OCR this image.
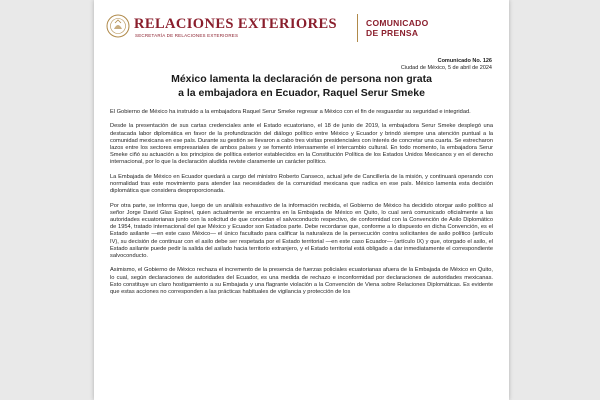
RELACIONES EXTERIORES
SECRETARÍA DE RELACIONES EXTERIORES
COMUNICADO
DE PRENSA
Comunicado No. 126
Ciudad de México, 5 de abril de 2024
México lamenta la declaración de persona non grata
a la embajadora en Ecuador, Raquel Serur Smeke

El Gobierno de México ha instruido a la embajadora Raquel Serur Smeke regresar a México con el fin de resguardar su seguridad e integridad.

Desde la presentación de sus cartas credenciales ante el Estado ecuatoriano, el 18 de junio de 2019, la embajadora Serur Smeke desplegó una destacada labor diplomática en favor de la profundización del diálogo político entre México y Ecuador y brindó siempre una atención puntual a la comunidad mexicana en ese país. Durante su gestión se llevaron a cabo tres visitas presidenciales con interés de concretar una cuarta. Se estrecharon lazos entre los sectores empresariales de ambos países y se fomentó intensamente el intercambio cultural. En todo momento, la embajadora Serur Smeke ciñó su actuación a los principios de política exterior establecidos en la Constitución Política de los Estados Unidos Mexicanos y en el derecho internacional, por lo que la declaración aludida reviste claramente un carácter político.

La Embajada de México en Ecuador quedará a cargo del ministro Roberto Canseco, actual jefe de Cancillería de la misión, y continuará operando con normalidad tras este movimiento para atender las necesidades de la comunidad mexicana que radica en ese país. México lamenta esta decisión diplomática que considera desproporcionada.

Por otra parte, se informa que, luego de un análisis exhaustivo de la información recibida, el Gobierno de México ha decidido otorgar asilo político al señor Jorge David Glas Espinel, quien actualmente se encuentra en la Embajada de México en Quito, lo cual será comunicado oficialmente a las autoridades ecuatorianas junto con la solicitud de que concedan el salvoconducto respectivo, de conformidad con la Convención de Asilo Diplomático de 1954, tratado internacional del que México y Ecuador son Estados parte. Debe recordarse que, conforme a lo dispuesto en dicha Convención, es el Estado asilante —en este caso México— el único facultado para calificar la naturaleza de la persecución contra solicitantes de asilo político (artículo IV), su decisión de continuar con el asilo debe ser respetada por el Estado territorial —en este caso Ecuador— (artículo IX) y que, otorgado el asilo, el Estado asilante puede pedir la salida del asilado hacia territorio extranjero, y el Estado territorial está obligado a dar inmediatamente el correspondiente salvoconducto.

Asimismo, el Gobierno de México rechaza el incremento de la presencia de fuerzas policiales ecuatorianas afuera de la Embajada de México en Quito, lo cual, según declaraciones de autoridades del Ecuador, es una medida de rechazo e inconformidad por declaraciones de autoridades mexicanas. Esto constituye un claro hostigamiento a su Embajada y una flagrante violación a la Convención de Viena sobre Relaciones Diplomáticas. Es evidente que estas acciones no corresponden a las prácticas habituales de vigilancia y protección de los
